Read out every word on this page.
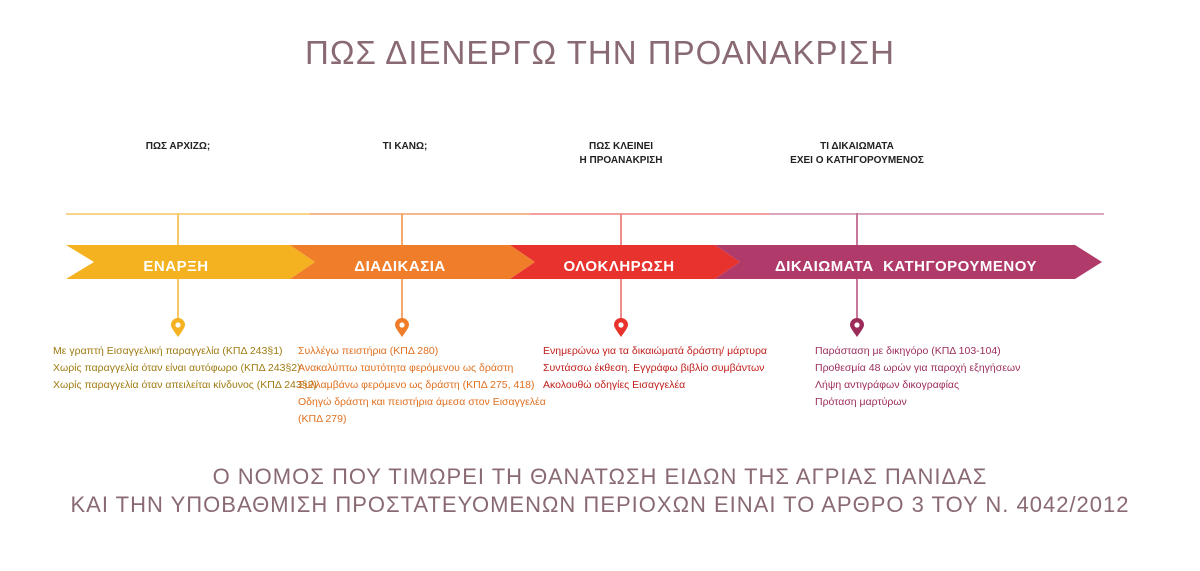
ΠΩΣ ΔΙΕΝΕΡΓΩ ΤΗΝ ΠΡΟΑΝΑΚΡΙΣΗ
ΠΩΣ ΑΡΧΙΖΩ;	ΤΙ ΚΑΝΩ;	ΠΩΣ ΚΛΕΙΝΕΙ
Η ΠΡΟΑΝΑΚΡΙΣΗ
ΤΙ ΔΙΚΑΙΩΜΑΤΑ
ΕΧΕΙ Ο ΚΑΤΗΓΟΡΟΥΜΕΝΟΣ
ΕΝΑΡΞΗ	ΔΙΑΔΙΚΑΣΙΑ	ΟΛΟΚΛΗΡΩΣΗ	ΔΙΚΑΙΩΜΑΤΑ  ΚΑΤΗΓΟΡΟΥΜΕΝΟΥ
Με γραπτή Εισαγγελική παραγγελία (ΚΠΔ 243§1)
Χωρίς παραγγελία όταν είναι αυτόφωρο (ΚΠΔ 243§2)
Χωρίς παραγγελία όταν απειλείται κίνδυνος (ΚΠΔ 243§2)
Συλλέγω πειστήρια (ΚΠΔ 280)
Ανακαλύπτω ταυτότητα φερόμενου ως δράστη
Συλλαμβάνω φερόμενο ως δράστη (ΚΠΔ 275, 418)
Οδηγώ δράστη και πειστήρια άμεσα στον Εισαγγελέα
(ΚΠΔ 279)
Ενημερώνω για τα δικαιώματά δράστη/ μάρτυρα
Συντάσσω έκθεση. Εγγράφω βιβλίο συμβάντων
Ακολουθώ οδηγίες Εισαγγελέα
Παράσταση με δικηγόρο (ΚΠΔ 103-104)
Προθεσμία 48 ωρών για παροχή εξηγήσεων
Λήψη αντιγράφων δικογραφίας
Πρόταση μαρτύρων
Ο ΝΟΜΟΣ ΠΟΥ ΤΙΜΩΡΕΙ ΤΗ ΘΑΝΑΤΩΣΗ ΕΙΔΩΝ ΤΗΣ ΑΓΡΙΑΣ ΠΑΝΙΔΑΣ
ΚΑΙ ΤΗΝ ΥΠΟΒΑΘΜΙΣΗ ΠΡΟΣΤΑΤΕΥΟΜΕΝΩΝ ΠΕΡΙΟΧΩΝ ΕΙΝΑΙ ΤΟ ΑΡΘΡΟ 3 ΤΟΥ Ν. 4042/2012
